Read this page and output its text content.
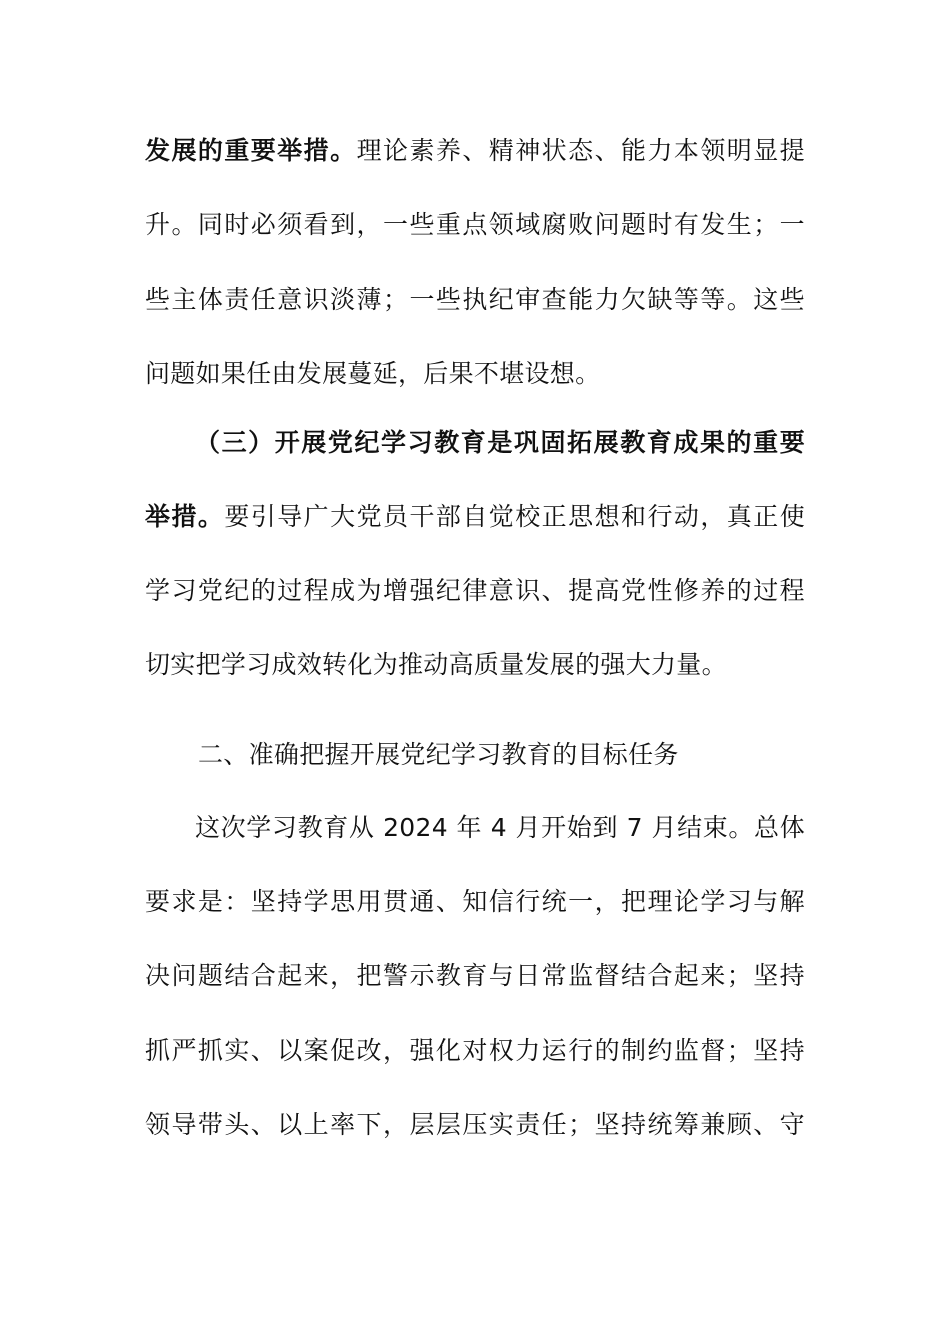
发展的重要举措。理论素养、精神状态、能力本领明显提
升。同时必须看到，一些重点领域腐败问题时有发生；一
些主体责任意识淡薄；一些执纪审查能力欠缺等等。这些
问题如果任由发展蔓延，后果不堪设想。
（三）开展党纪学习教育是巩固拓展教育成果的重要
举措。要引导广大党员干部自觉校正思想和行动，真正使
学习党纪的过程成为增强纪律意识、提高党性修养的过程
切实把学习成效转化为推动高质量发展的强大力量。
二、准确把握开展党纪学习教育的目标任务
这次学习教育从 2024 年 4 月开始到 7 月结束。总体
要求是：坚持学思用贯通、知信行统一，把理论学习与解
决问题结合起来，把警示教育与日常监督结合起来；坚持
抓严抓实、以案促改，强化对权力运行的制约监督；坚持
领导带头、以上率下，层层压实责任；坚持统筹兼顾、守
